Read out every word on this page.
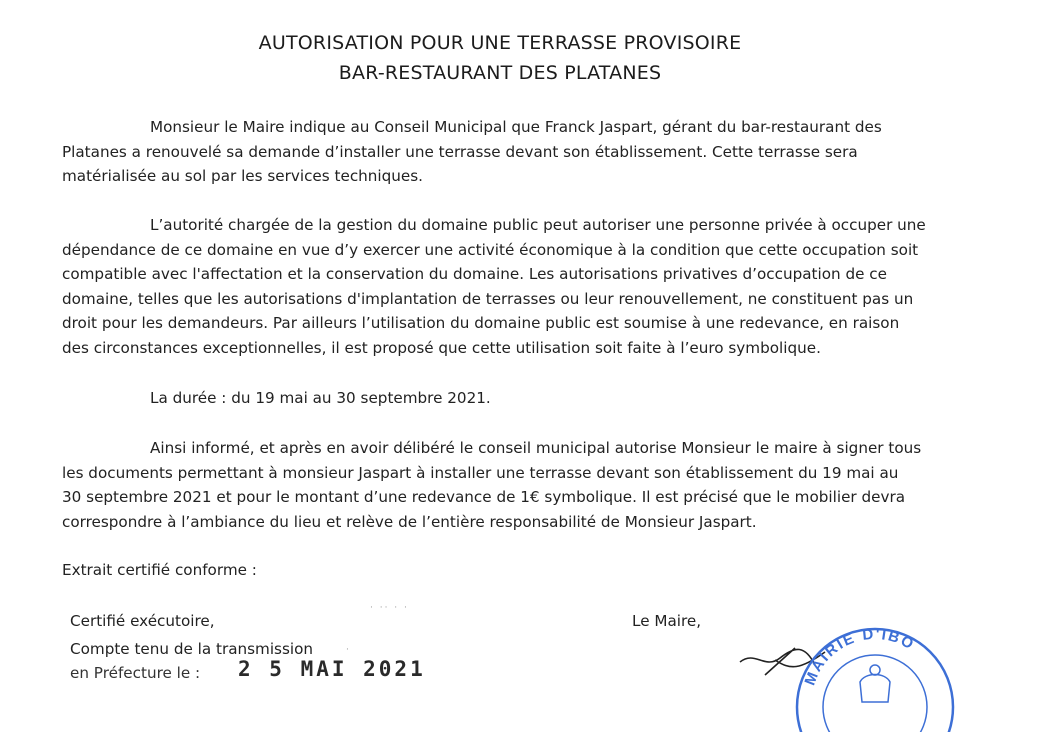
AUTORISATION POUR UNE TERRASSE PROVISOIRE
BAR-RESTAURANT DES PLATANES
Monsieur le Maire indique au Conseil Municipal que Franck Jaspart, gérant du bar-restaurant des
Platanes a renouvelé sa demande d’installer une terrasse devant son établissement. Cette terrasse sera
matérialisée au sol par les services techniques.
L’autorité chargée de la gestion du domaine public peut autoriser une personne privée à occuper une
dépendance de ce domaine en vue d’y exercer une activité économique à la condition que cette occupation soit
compatible avec l'affectation et la conservation du domaine. Les autorisations privatives d’occupation de ce
domaine, telles que les autorisations d'implantation de terrasses ou leur renouvellement, ne constituent pas un
droit pour les demandeurs. Par ailleurs l’utilisation du domaine public est soumise à une redevance, en raison
des circonstances exceptionnelles, il est proposé que cette utilisation soit faite à l’euro symbolique.
La durée : du 19 mai au 30 septembre 2021.
Ainsi informé, et après en avoir délibéré le conseil municipal autorise Monsieur le maire à signer tous
les documents permettant à monsieur Jaspart à installer une terrasse devant son établissement du 19 mai au
30 septembre 2021 et pour le montant d’une redevance de 1€ symbolique. Il est précisé que le mobilier devra
correspondre à l’ambiance du lieu et relève de l’entière responsabilité de Monsieur Jaspart.
Extrait certifié conforme :
· ·· · ·
·
Certifié exécutoire,
Compte tenu de la transmission
en Préfecture le : 2 5 MAI 2021
Le Maire,
MAIRIE D'IBO
